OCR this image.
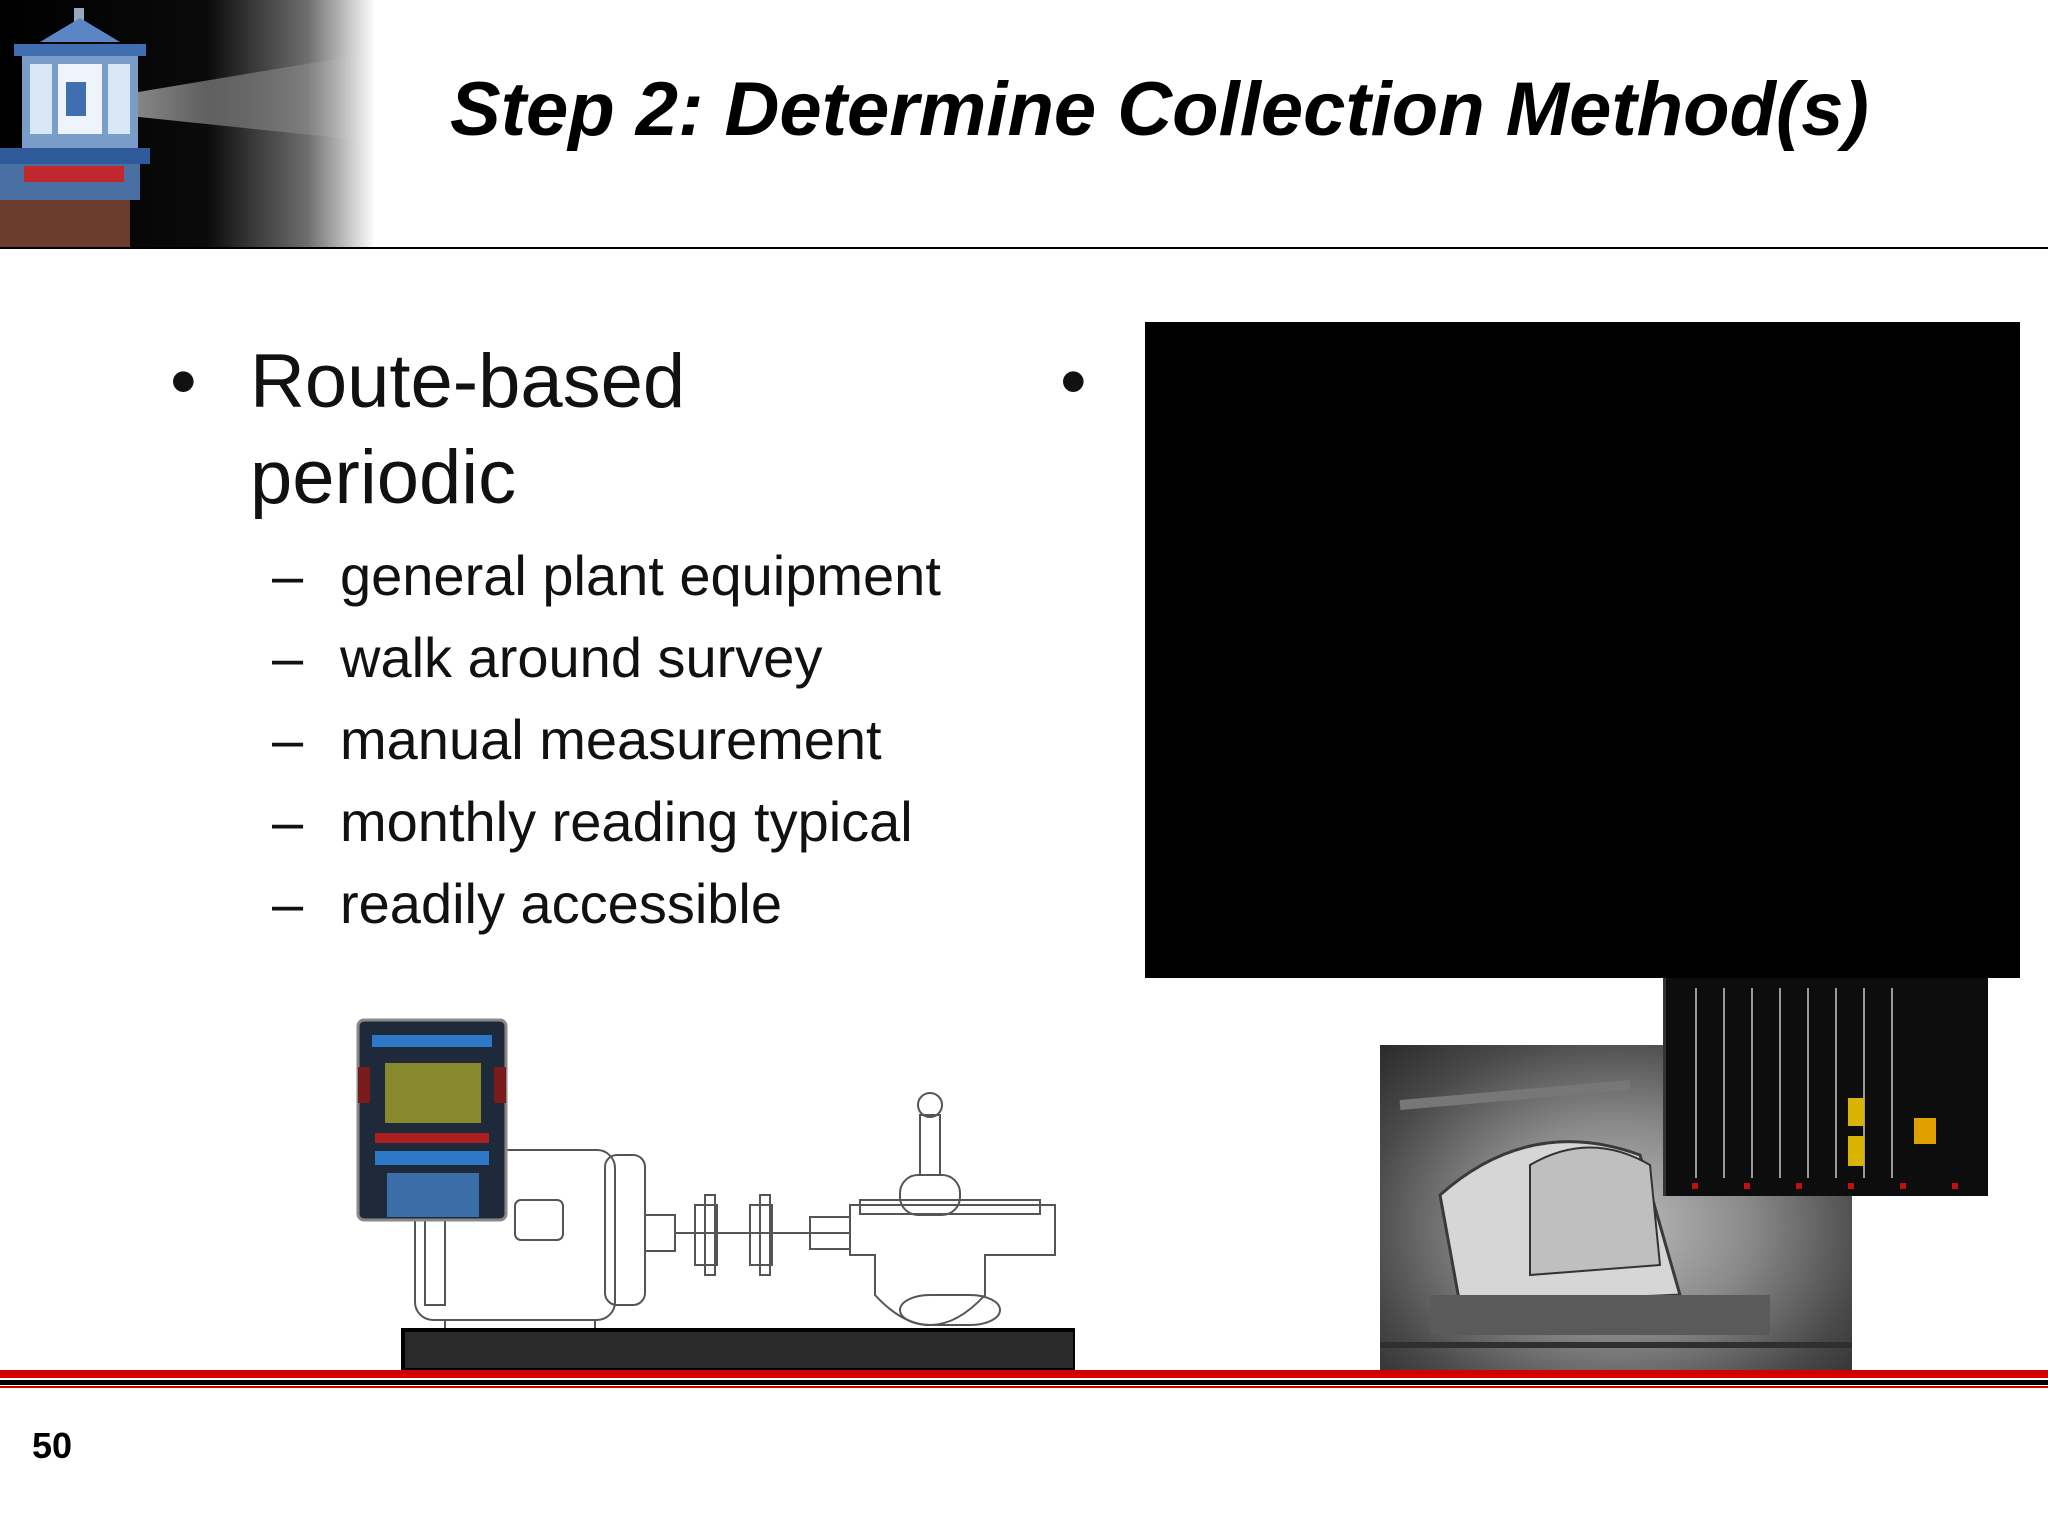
Step 2: Determine Collection Method(s)
• Route-based periodic
– general plant equipment
– walk around survey
– manual measurement
– monthly reading typical
– readily accessible
•
50
